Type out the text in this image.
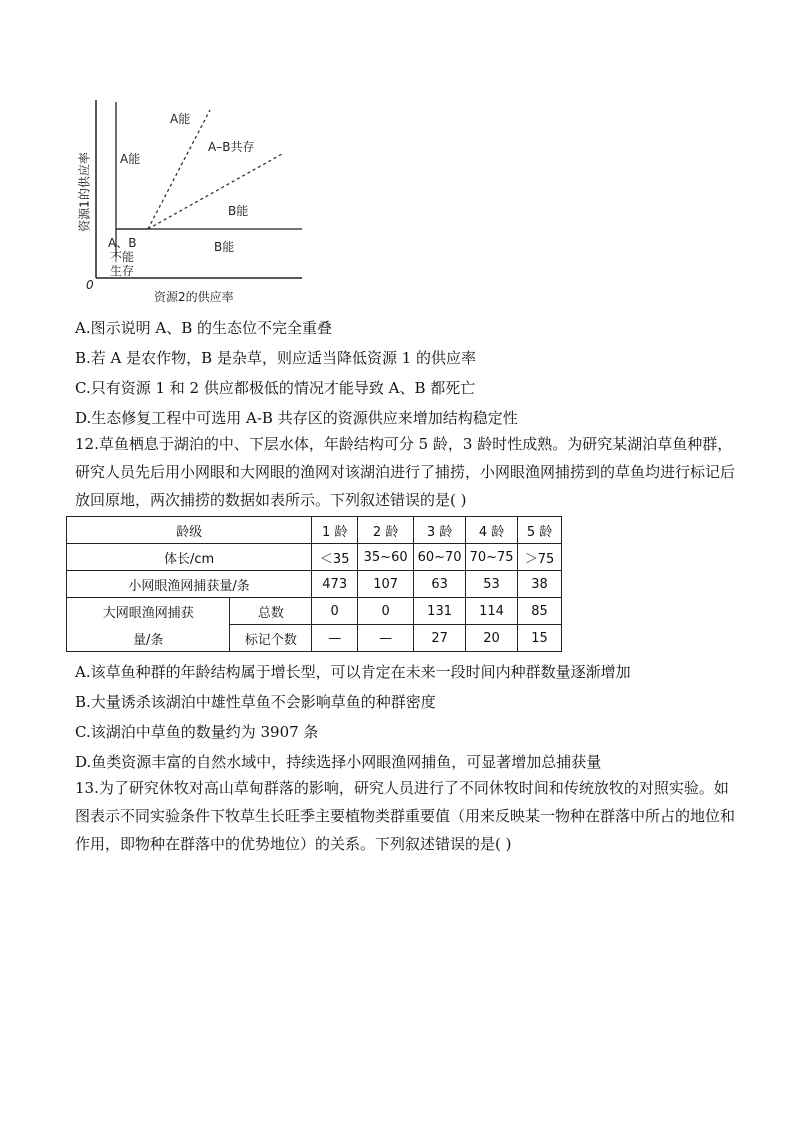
A能
A能
A–B共存
B能
B能
A、B
不能
生存
0
资源2的供应率
资源1的供应率
A.图示说明 A、B 的生态位不完全重叠
B.若 A 是农作物，B 是杂草，则应适当降低资源 1 的供应率
C.只有资源 1 和 2 供应都极低的情况才能导致 A、B 都死亡
D.生态修复工程中可选用 A-B 共存区的资源供应来增加结构稳定性
12.草鱼栖息于湖泊的中、下层水体，年龄结构可分 5 龄，3 龄时性成熟。为研究某湖泊草鱼种群，研究人员先后用小网眼和大网眼的渔网对该湖泊进行了捕捞，小网眼渔网捕捞到的草鱼均进行标记后放回原地，两次捕捞的数据如表所示。下列叙述错误的是( )
龄级		1 龄	2 龄	3 龄	4 龄	5 龄
体长/cm		＜35	35~60	60~70	70~75	＞75
小网眼渔网捕获量/条		473	107	63	53	38

大网眼渔网捕获
量/条	总数	0	0	131	114	85
	标记个数	—	—	27	20	15
A.该草鱼种群的年龄结构属于增长型，可以肯定在未来一段时间内种群数量逐渐增加
B.大量诱杀该湖泊中雄性草鱼不会影响草鱼的种群密度
C.该湖泊中草鱼的数量约为 3907 条
D.鱼类资源丰富的自然水域中，持续选择小网眼渔网捕鱼，可显著增加总捕获量
13.为了研究休牧对高山草甸群落的影响，研究人员进行了不同休牧时间和传统放牧的对照实验。如图表示不同实验条件下牧草生长旺季主要植物类群重要值（用来反映某一物种在群落中所占的地位和作用，即物种在群落中的优势地位）的关系。下列叙述错误的是( )
